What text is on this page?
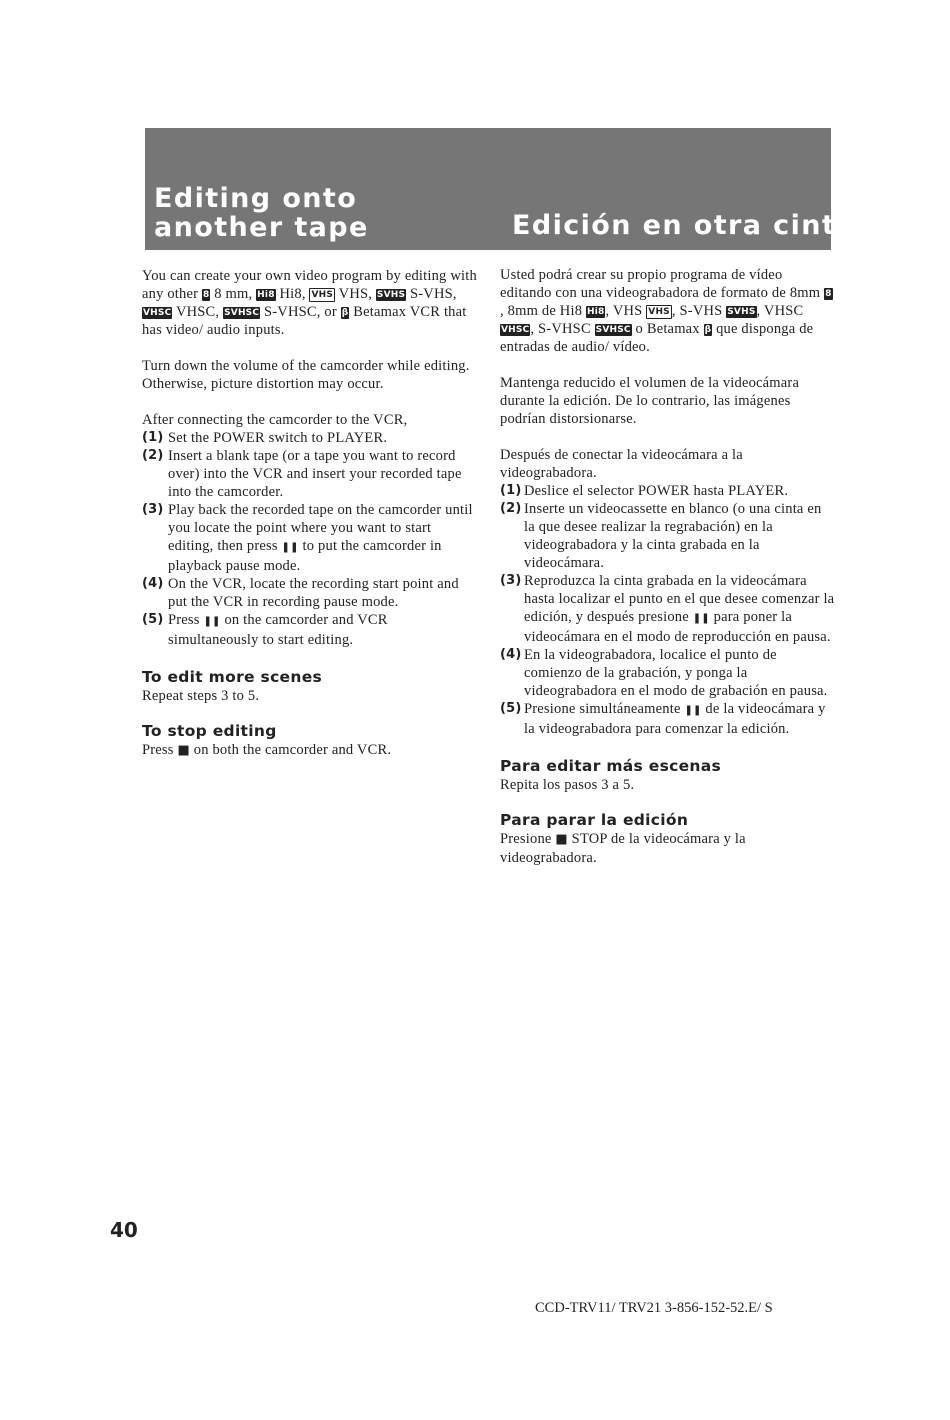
Editing onto another tape	Edición en otra cinta

You can create your own video program by editing with any other 8 8 mm, Hi8 Hi8, VHS VHS, SVHS S-VHS, VHSC VHSC, SVHSC S-VHSC, or β Betamax VCR that has video/ audio inputs.

Turn down the volume of the camcorder while editing. Otherwise, picture distortion may occur.

After connecting the camcorder to the VCR,

(1) Set the POWER switch to PLAYER.
(2) Insert a blank tape (or a tape you want to record over) into the VCR and insert your recorded tape into the camcorder.
(3) Play back the recorded tape on the camcorder until you locate the point where you want to start editing, then press ❚❚ to put the camcorder in playback pause mode.
(4) On the VCR, locate the recording start point and put the VCR in recording pause mode.
(5) Press ❚❚ on the camcorder and VCR simultaneously to start editing.

To edit more scenes

Repeat steps 3 to 5.

To stop editing

Press ■ on both the camcorder and VCR.

Usted podrá crear su propio programa de vídeo editando con una videograbadora de formato de 8mm 8, 8mm de Hi8 Hi8, VHS VHS , S-VHS SVHS, VHSC VHSC, S-VHSC SVHSC o Betamax β que disponga de entradas de audio/ vídeo.

Mantenga reducido el volumen de la videocámara durante la edición. De lo contrario, las imágenes podrían distorsionarse.

Después de conectar la videocámara a la videograbadora.

(1) Deslice el selector POWER hasta PLAYER.
(2) Inserte un videocassette en blanco (o una cinta en la que desee realizar la regrabación) en la videograbadora y la cinta grabada en la videocámara.
(3) Reproduzca la cinta grabada en la videocámara hasta localizar el punto en el que desee comenzar la edición, y después presione ❚❚ para poner la videocámara en el modo de reproducción en pausa.
(4) En la videograbadora, localice el punto de comienzo de la grabación, y ponga la videograbadora en el modo de grabación en pausa.
(5) Presione simultáneamente ❚❚ de la videocámara y la videograbadora para comenzar la edición.

Para editar más escenas

Repita los pasos 3 a 5.

Para parar la edición

Presione ■ STOP de la videocámara y la videograbadora.

40
CCD-TRV11/ TRV21 3-856-152-52.E/ S
